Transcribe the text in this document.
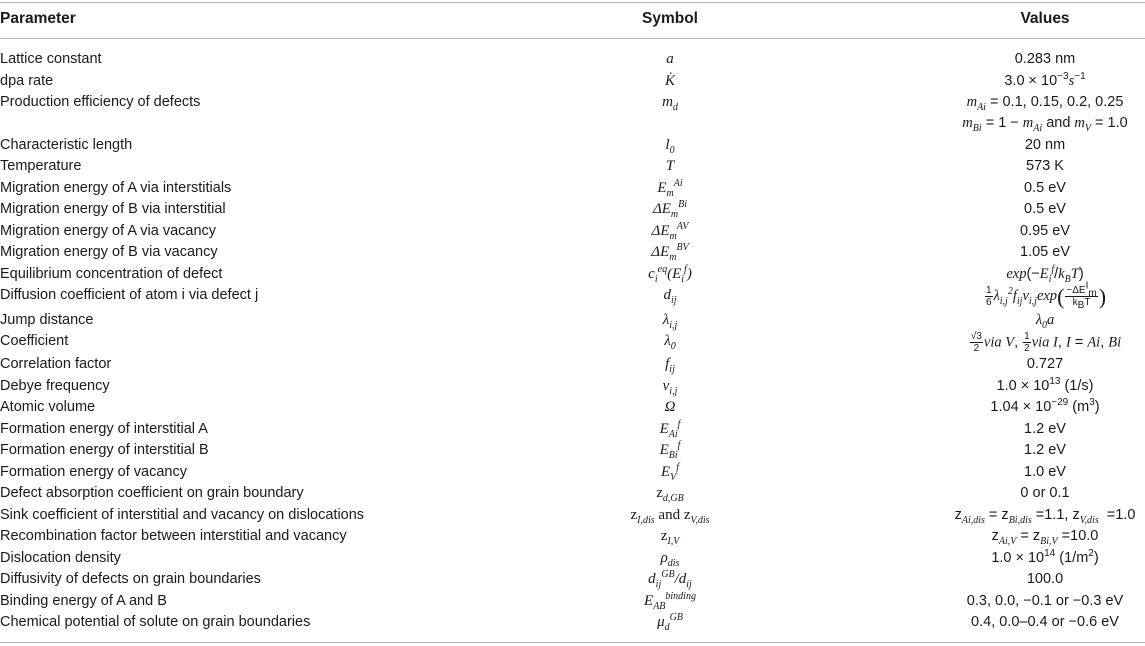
Parameter	Symbol	Values
Lattice constant	a	0.283 nm
dpa rate	K̇	$3.0 \times 10^{-3}s^{-1}$
Production efficiency of defects	$m_d$	$m_{Ai} = 0.1$, 0.15, 0.2, 0.25
$m_{Bi} = 1 - m_{Ai}$ and $m_V = 1.0$
Characteristic length	$l_0$	20 nm
Temperature	T	573 K
Migration energy of A via interstitials	$E_m^{Ai}$	0.5 eV
Migration energy of B via interstitial	$\Delta E_m^{Bi}$	0.5 eV
Migration energy of A via vacancy	$\Delta E_m^{AV}$	0.95 eV
Migration energy of B via vacancy	$\Delta E_m^{BV}$	1.05 eV
Equilibrium concentration of defect	$c_i^{eq}(E_i^f)$	$\exp(-E_i^f/k_BT)$
Diffusion coefficient of atom i via defect j	$d_{ij}$	$\frac{1}{6} \lambda_{i,j}^2f_{ij}\nu_{i,j}\exp( \frac{-\Delta E^I_m}{k_BT}$ )
Jump distance	$\lambda_{i,j}$	$\lambda_0a$
Coefficient	$\lambda_0$	$\frac{√3}{2}$ via V, $\frac{1}{2}$ via I, I = Ai, Bi
Correlation factor	$f_{ij}$	0.727
Debye frequency	$\nu_{i,j}$	$1.0 \times 10^{13}$ (1/s)
Atomic volume	Ω	$1.04 \times 10^{-29}$ $(m^3)$
Formation energy of interstitial A	$E_{Ai}^f$	1.2 eV
Formation energy of interstitial B	$E_{Bi}^f$	1.2 eV
Formation energy of vacancy	$E_V^f$	1.0 eV
Defect absorption coefficient on grain boundary	$z_{d,GB}$	0 or 0.1
Sink coefficient of interstitial and vacancy on dislocations	$z_{I,dis}$ and $z_{V,dis}$	$z_{Ai,dis} = z_{Bi,dis} =1.1$, $z_{V,dis} =1.0$
Recombination factor between interstitial and vacancy	$z_{I,V}$	$z_{Ai,V} = z_{Bi,V} =10.0$
Dislocation density	$\rho_{dis}$	$1.0 \times 10^{14}$ $(1/m^2)$
Diffusivity of defects on grain boundaries	$d_{ij}^{GB}/d_{ij}$	100.0
Binding energy of A and B	$E_{AB}^{binding}$	0.3, 0.0, −0.1 or −0.3 eV
Chemical potential of solute on grain boundaries	$\mu_d^{GB}$	0.4, 0.0–0.4 or −0.6 eV
